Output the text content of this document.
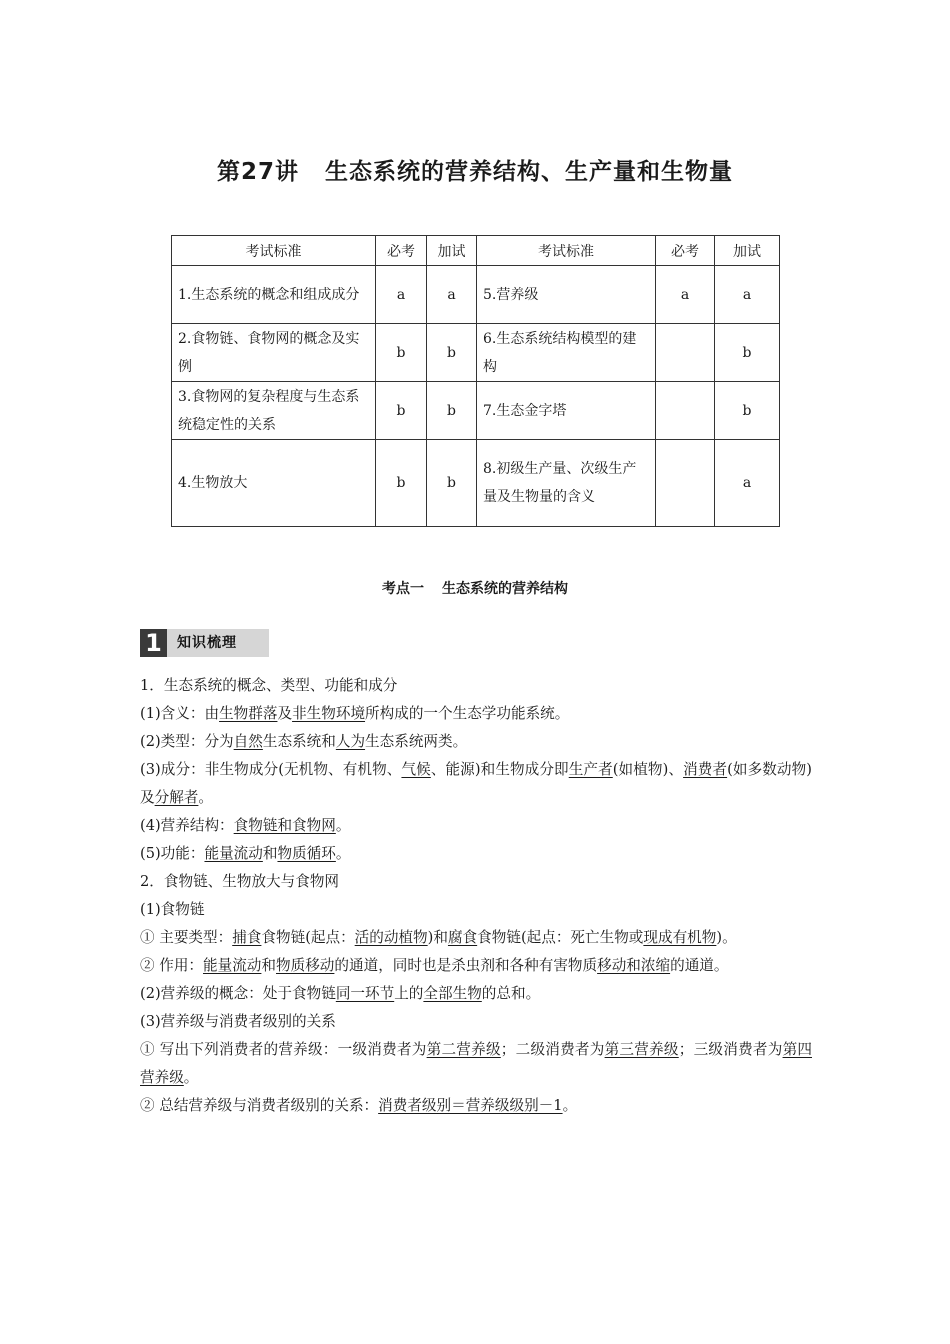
第27讲 生态系统的营养结构、生产量和生物量
考试标准	必考	加试	考试标准	必考	加试
1.生态系统的概念和组成成分	a	a	5.营养级	a	a
2.食物链、食物网的概念及实例	b	b	6.生态系统结构模型的建构		b
3.食物网的复杂程度与生态系统稳定性的关系	b	b	7.生态金字塔		b
4.生物放大	b	b	8.初级生产量、次级生产量及生物量的含义		a
考点一 生态系统的营养结构
1	知识梳理

1．生态系统的概念、类型、功能和成分

(1)含义：由生物群落及非生物环境所构成的一个生态学功能系统。

(2)类型：分为自然生态系统和人为生态系统两类。

(3)成分：非生物成分(无机物、有机物、气候、能源)和生物成分即生产者(如植物)、消费者(如多数动物)及分解者。

(4)营养结构：食物链和食物网。

(5)功能：能量流动和物质循环。

2．食物链、生物放大与食物网

(1)食物链

① 主要类型：捕食食物链(起点：活的动植物)和腐食食物链(起点：死亡生物或现成有机物)。

② 作用：能量流动和物质移动的通道，同时也是杀虫剂和各种有害物质移动和浓缩的通道。

(2)营养级的概念：处于食物链同一环节上的全部生物的总和。

(3)营养级与消费者级别的关系

① 写出下列消费者的营养级：一级消费者为第二营养级；二级消费者为第三营养级；三级消费者为第四营养级。

② 总结营养级与消费者级别的关系：消费者级别＝营养级级别－1。
